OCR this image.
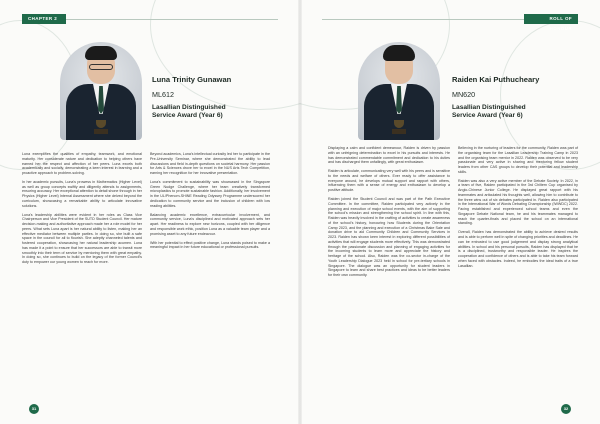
CHAPTER 2
Luna Trinity Gunawan
ML612
Lasallian Distinguished
Service Award (Year 6)

Luna exemplifies the qualities of empathy, teamwork, and emotional maturity. Her considerate nature and dedication to helping others have earned her the respect and affection of her peers. Luna excels both academically and socially, demonstrating a keen interest in learning and a proactive approach to problem-solving.

In her academic pursuits, Luna's prowess in Mathematics (Higher Level) as well as group concepts swiftly and diligently attends to assignments, ensuring accuracy. Her exceptional attention to detail shone through in her Physics (Higher Level) Internal Assessment where she delved beyond the curriculum, showcasing a remarkable ability to articulate innovative solutions.

Luna's leadership abilities were evident in her roles as Class Vice Chairperson and Vice President of the SUTD Student Council. Her mature decision-making and authoritative approach made her a role model for her peers. What sets Luna apart is her natural ability to listen, making her an effective mediator between multiple parties. In doing so, she built a safe space in the council for all to flourish. She adeptly channeled talents and fostered cooperation, showcasing her natural leadership acumen. Luna has made it a point to ensure that her successors are able to transit more smoothly into their term of service by mentoring them with great empathy. In doing so, she continues to build on the legacy of the former Council's duty to empower our young women to reach for more.

Beyond academics, Luna's intellectual curiosity led her to participate in the Pre-University Seminar, where she demonstrated the ability to lead discussions and field in-depth questions on societal harmony. Her passion for Arts & Sciences drove her to excel in the NUS Arts Tech Competition, earning her recognition for her innovative presentation.

Luna's commitment to sustainability was showcased in the Singapore Green Nudge Challenge, where her team creatively transformed microplastics to promote sustainable fashion. Additionally, her involvement in the UL/Phenom-SHINE Reading Odyssey Programme underscored her dedication to community service and the inclusion of children with low reading abilities.

Balancing academic excellence, extracurricular involvement, and community service, Luna's disciplined and motivated approach sets her apart. Her readiness to explore new horizons, coupled with her diligence and responsible work ethic, position Luna as a valuable team player and a promising asset to any future endeavour.

With her potential to effect positive change, Luna stands poised to make a meaningful impact in her future educational or professional pursuits.

31
ROLL OF HONOUR
Raiden Kai Puthucheary
MN620
Lasallian Distinguished
Service Award (Year 6)

Displaying a calm and confident demeanour, Raiden is driven by passion with an unfeigning determination to excel in his pursuits and interests. He has demonstrated commendable commitment and dedication to his duties and has discharged them unfailingly, with great enthusiasm.

Raiden is articulate, communicating very well with his peers and is sensitive to the needs and welfare of others. Ever ready to offer assistance to everyone around, he develops mutual support and rapport with others, influencing them with a sense of energy and enthusiasm to develop a positive attitude.

Raiden joined the Student Council and was part of the Path Executive Committee. In the committee, Raiden participated very actively in the planning and execution of major school events, with the aim of supporting the school's mission and strengthening the school spirit. In line with this, Raiden was heavily involved in the crafting of activities to create awareness of the school's history, honouring how Students during the Orientation Camp 2023, and the planning and execution of a Christmas Bake Sale and donation drive to aid Community Children and Community Services in 2023. Raiden has shown keen interest in exploring different possibilities of activities that will engage students more effectively. This was demonstrated through the passionate discussion and planning of engaging activities for the incoming students to learn more and appreciate the history and heritage of the school. Also, Raiden was the co-sector in-charge of the Youth Leadership Dialogue 2023 held in school for pre-tertiary schools in Singapore. The dialogue was an opportunity for student leaders in Singapore to learn and share best practices and ideas to be better leaders for their own community.

Believing in the nurturing of leaders for the community, Raiden was part of the organising team for the Lasallian Leadership Training Camp in 2023 and the organising team mentor in 2022. Raiden was observed to be very passionate and very active in sharing and mentoring fellow student leaders from other CAS groups to develop their potential and leadership skills.

Raiden was also a very active member of the Debate Society. In 2022, in a team of five, Raiden participated in the 3rd Chiltern Cup organised by Anglo-Chinese Junior College. He displayed great rapport with his teammates and articulated his thoughts well, allowing him to contribute to the three wins out of six debates participated in. Raiden also participated in the International War of Words Debating Championship (IWWDC) 2022. Facing established and experienced school teams and even the Singapore Debate National team, he and his teammates managed to reach the quarter-finals and placed the school on an international standing.

Overall, Raiden has demonstrated the ability to achieve desired results and is able to perform well in spite of changing priorities and deadlines. He can be entrusted to use good judgement and display strong analytical abilities. In school and his personal pursuits, Raiden has displayed that he is a disciplined, trustworthy and responsible leader. He inspires the cooperation and confidence of others and is able to take his team forward when faced with obstacles. Indeed, he embodies the ideal traits of a true Lasallian.

32
